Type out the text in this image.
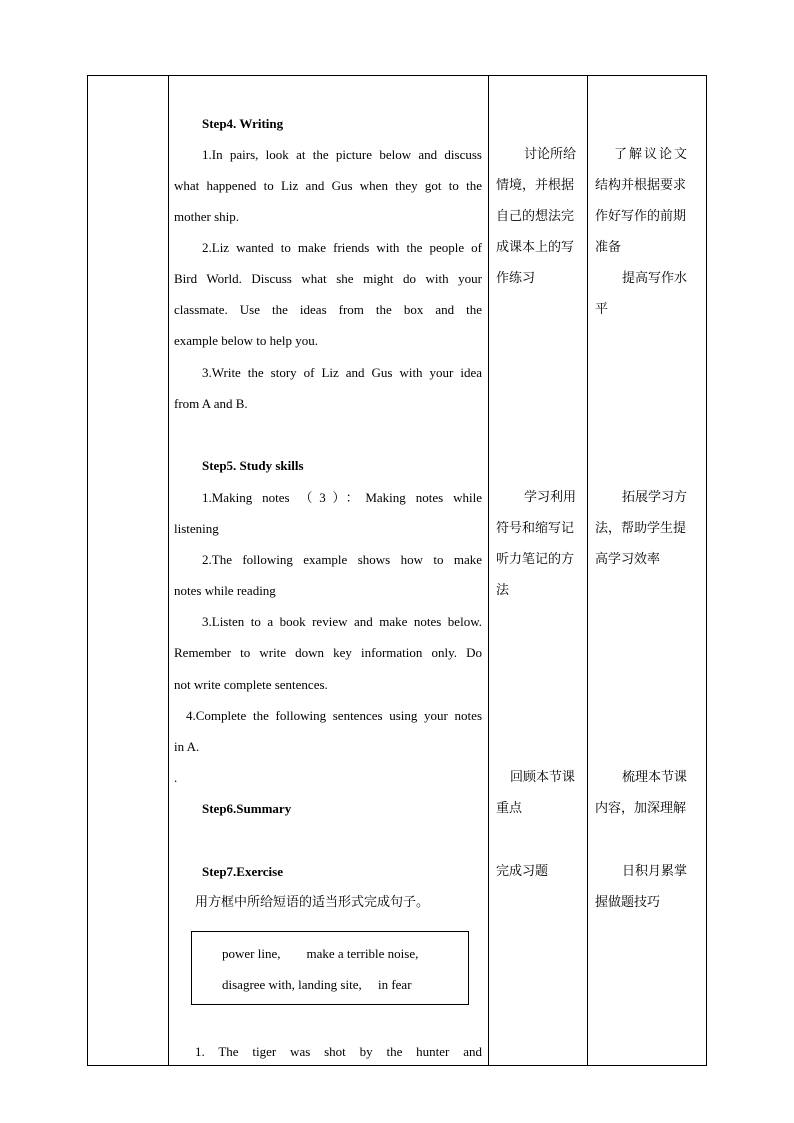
Step4. Writing
1.In pairs, look at the picture below and discuss
what happened to Liz and Gus when they got to the
mother ship.
2.Liz wanted to make friends with the people of
Bird World. Discuss what she might do with your
classmate. Use the ideas from the box and the
example below to help you.
3.Write the story of Liz and Gus with your idea
from A and B.
Step5. Study skills
1.Making notes （3）：Making notes while
listening
2.The following example shows how to make
notes while reading
3.Listen to a book review and make notes below.
Remember to write down key information only. Do
not write complete sentences.
4.Complete the following sentences using your notes
in A.
.
Step6.Summary
Step7.Exercise
用方框中所给短语的适当形式完成句子。
power line,        make a terrible noise,
disagree with, landing site,     in fear
1. The tiger was shot by the hunter and
讨论所给
情境，并根据
自己的想法完
成课本上的写
作练习
学习利用
符号和缩写记
听力笔记的方
法
回顾本节课
重点
完成习题
了解议论文
结构并根据要求
作好写作的前期
准备
提高写作水
平
拓展学习方
法，帮助学生提
高学习效率
梳理本节课
内容，加深理解
日积月累掌
握做题技巧
